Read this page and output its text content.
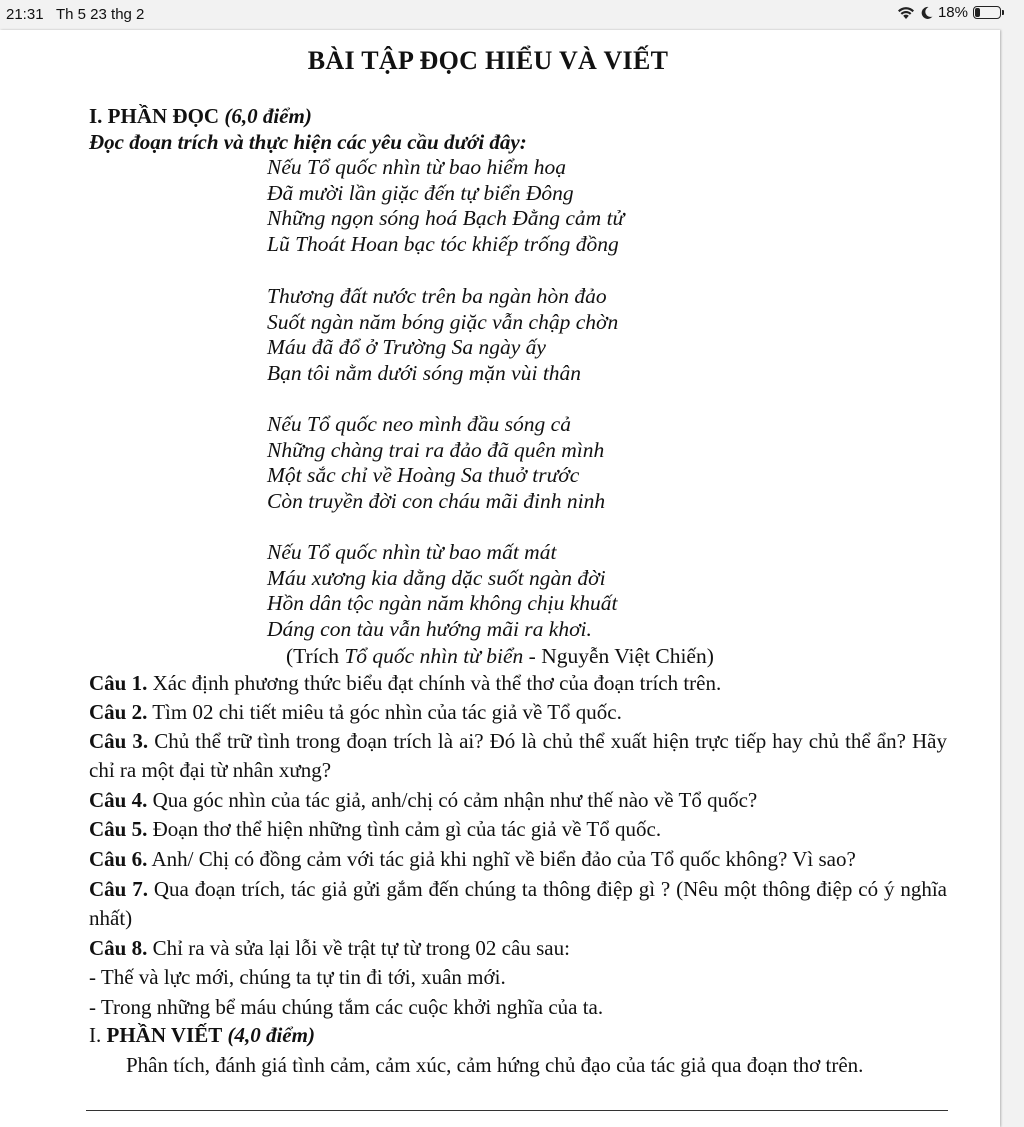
21:31 Th 5 23 thg 2	18%
BÀI TẬP ĐỌC HIỂU VÀ VIẾT
I. PHẦN ĐỌC (6,0 điểm)
Đọc đoạn trích và thực hiện các yêu cầu dưới đây:
Nếu Tổ quốc nhìn từ bao hiểm hoạ
Đã mười lần giặc đến tự biển Đông
Những ngọn sóng hoá Bạch Đằng cảm tử
Lũ Thoát Hoan bạc tóc khiếp trống đồng
Thương đất nước trên ba ngàn hòn đảo
Suốt ngàn năm bóng giặc vẫn chập chờn
Máu đã đổ ở Trường Sa ngày ấy
Bạn tôi nằm dưới sóng mặn vùi thân
Nếu Tổ quốc neo mình đầu sóng cả
Những chàng trai ra đảo đã quên mình
Một sắc chỉ về Hoàng Sa thuở trước
Còn truyền đời con cháu mãi đinh ninh
Nếu Tổ quốc nhìn từ bao mất mát
Máu xương kia dằng dặc suốt ngàn đời
Hồn dân tộc ngàn năm không chịu khuất
Dáng con tàu vẫn hướng mãi ra khơi.
(Trích Tổ quốc nhìn từ biển - Nguyễn Việt Chiến)
Câu 1. Xác định phương thức biểu đạt chính và thể thơ của đoạn trích trên.
Câu 2. Tìm 02 chi tiết miêu tả góc nhìn của tác giả về Tổ quốc.
Câu 3. Chủ thể trữ tình trong đoạn trích là ai? Đó là chủ thể xuất hiện trực tiếp hay chủ thể ẩn? Hãy chỉ ra một đại từ nhân xưng?
Câu 4. Qua góc nhìn của tác giả, anh/chị có cảm nhận như thế nào về Tổ quốc?
Câu 5. Đoạn thơ thể hiện những tình cảm gì của tác giả về Tổ quốc.
Câu 6. Anh/ Chị có đồng cảm với tác giả khi nghĩ về biển đảo của Tổ quốc không? Vì sao?
Câu 7. Qua đoạn trích, tác giả gửi gắm đến chúng ta thông điệp gì ? (Nêu một thông điệp có ý nghĩa nhất)
Câu 8. Chỉ ra và sửa lại lỗi về trật tự từ trong 02 câu sau:
- Thế và lực mới, chúng ta tự tin đi tới, xuân mới.
- Trong những bể máu chúng tắm các cuộc khởi nghĩa của ta.
I. PHẦN VIẾT (4,0 điểm)
Phân tích, đánh giá tình cảm, cảm xúc, cảm hứng chủ đạo của tác giả qua đoạn thơ trên.
